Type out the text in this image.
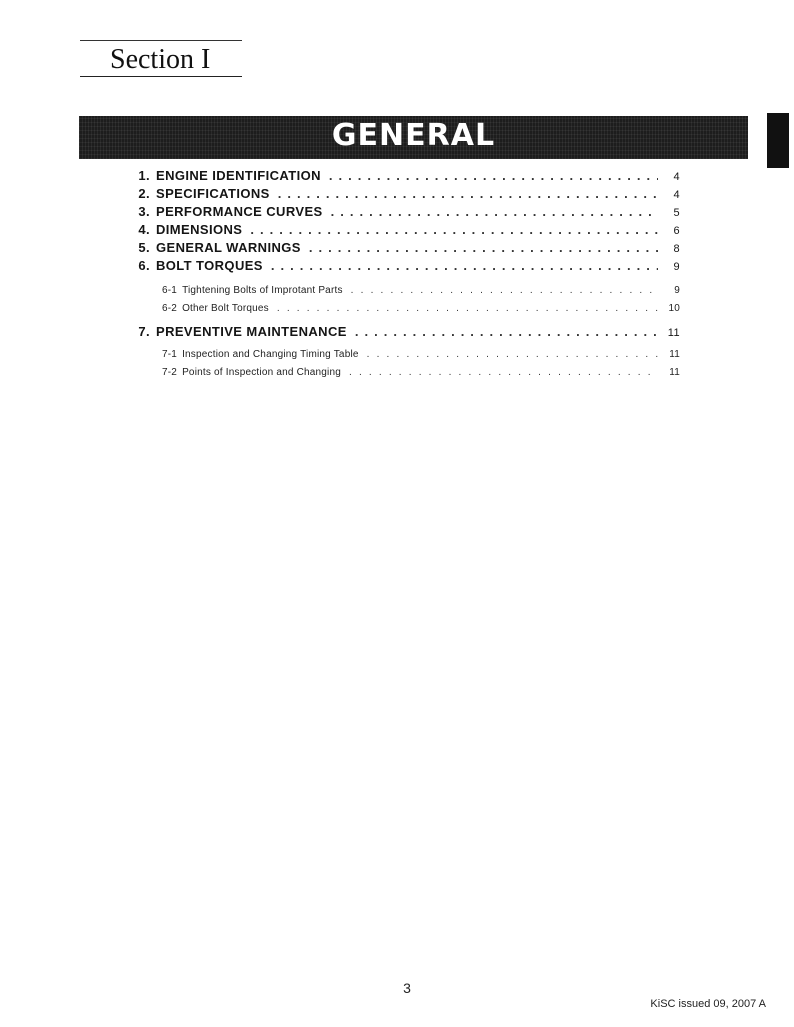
Section I
GENERAL
1. ENGINE IDENTIFICATION . . .	4
2. SPECIFICATIONS . . .	4
3. PERFORMANCE CURVES . . .	5
4. DIMENSIONS . . .	6
5. GENERAL WARNINGS . . .	8
6. BOLT TORQUES . . .	9
6-1 Tightening Bolts of Improtant Parts . . .	9
6-2 Other Bolt Torques . . .	10
7. PREVENTIVE MAINTENANCE . . .	11
7-1 Inspection and Changing Timing Table . . .	11
7-2 Points of Inspection and Changing . . .	11
3
KiSC issued 09, 2007 A
